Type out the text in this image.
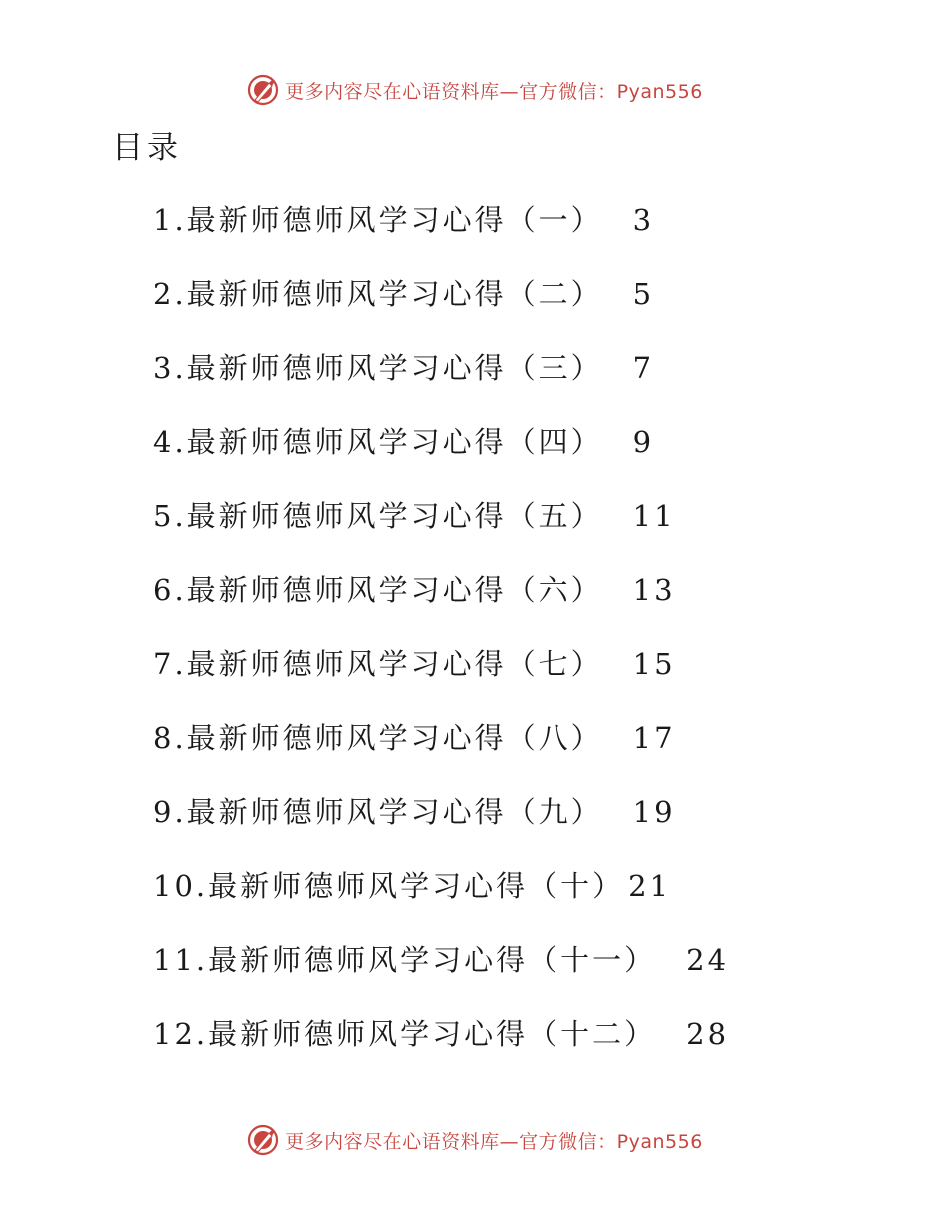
更多内容尽在心语资料库—官方微信：Pyan556
目录
1.最新师德师风学习心得（一） 3
2.最新师德师风学习心得（二） 5
3.最新师德师风学习心得（三） 7
4.最新师德师风学习心得（四） 9
5.最新师德师风学习心得（五） 11
6.最新师德师风学习心得（六） 13
7.最新师德师风学习心得（七） 15
8.最新师德师风学习心得（八） 17
9.最新师德师风学习心得（九） 19
10.最新师德师风学习心得（十） 21
11.最新师德师风学习心得（十一） 24
12.最新师德师风学习心得（十二） 28
更多内容尽在心语资料库—官方微信：Pyan556
